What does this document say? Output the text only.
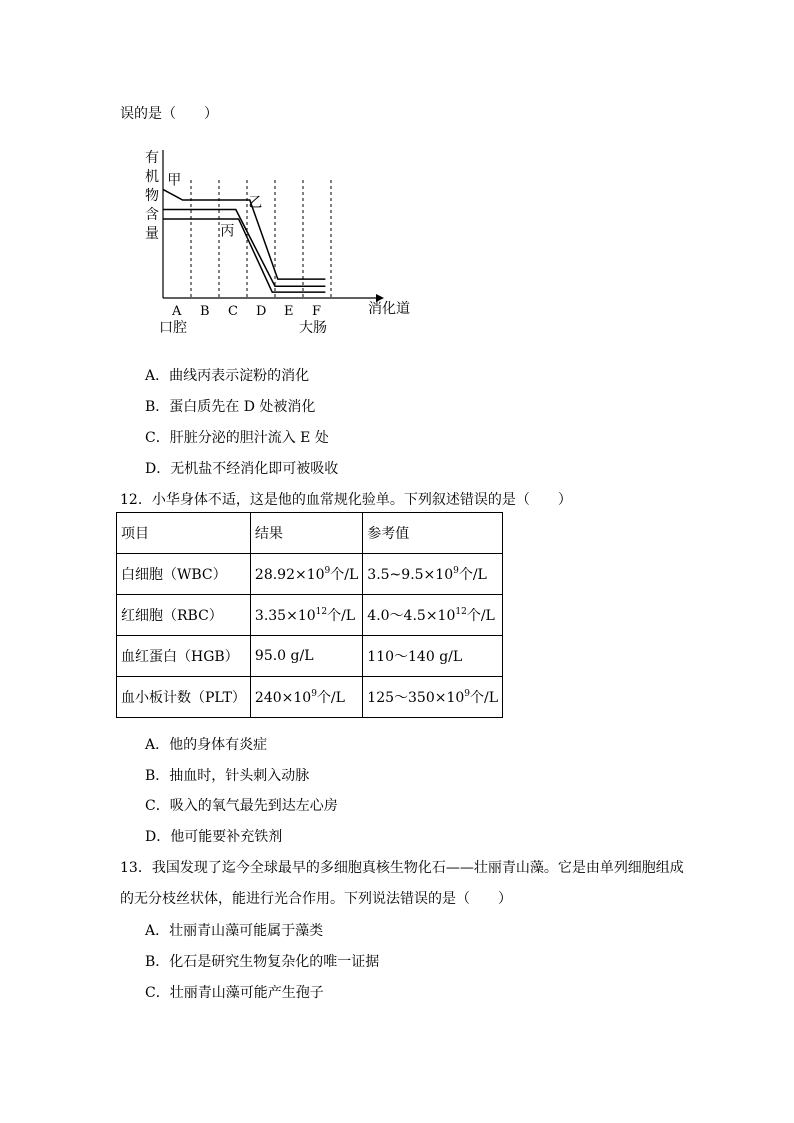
误的是（　　）
有机物含量
消化道
A
口腔
B C D E F
大肠
甲
乙
丙
A．曲线丙表示淀粉的消化
B．蛋白质先在 D 处被消化
C．肝脏分泌的胆汁流入 E 处
D．无机盐不经消化即可被吸收
12．小华身体不适，这是他的血常规化验单。下列叙述错误的是（　　）
项目	结果	参考值
白细胞（WBC）	$28.92\times 10^9$个/L	$3.5\sim 9.5\times 10^9$个/L
红细胞（RBC）	$3.35\times 10^{12}$个/L	$4.0\sim 4.5\times 10^{12}$个/L
血红蛋白（HGB）	95.0 g/L	110～140 g/L
血小板计数（PLT）	$240\times 10^9$个/L	$125\sim 350\times 10^9$个/L
A．他的身体有炎症
B．抽血时，针头刺入动脉
C．吸入的氧气最先到达左心房
D．他可能要补充铁剂
13．我国发现了迄今全球最早的多细胞真核生物化石——壮丽青山藻。它是由单列细胞组成
的无分枝丝状体，能进行光合作用。下列说法错误的是（　　）
A．壮丽青山藻可能属于藻类
B．化石是研究生物复杂化的唯一证据
C．壮丽青山藻可能产生孢子
